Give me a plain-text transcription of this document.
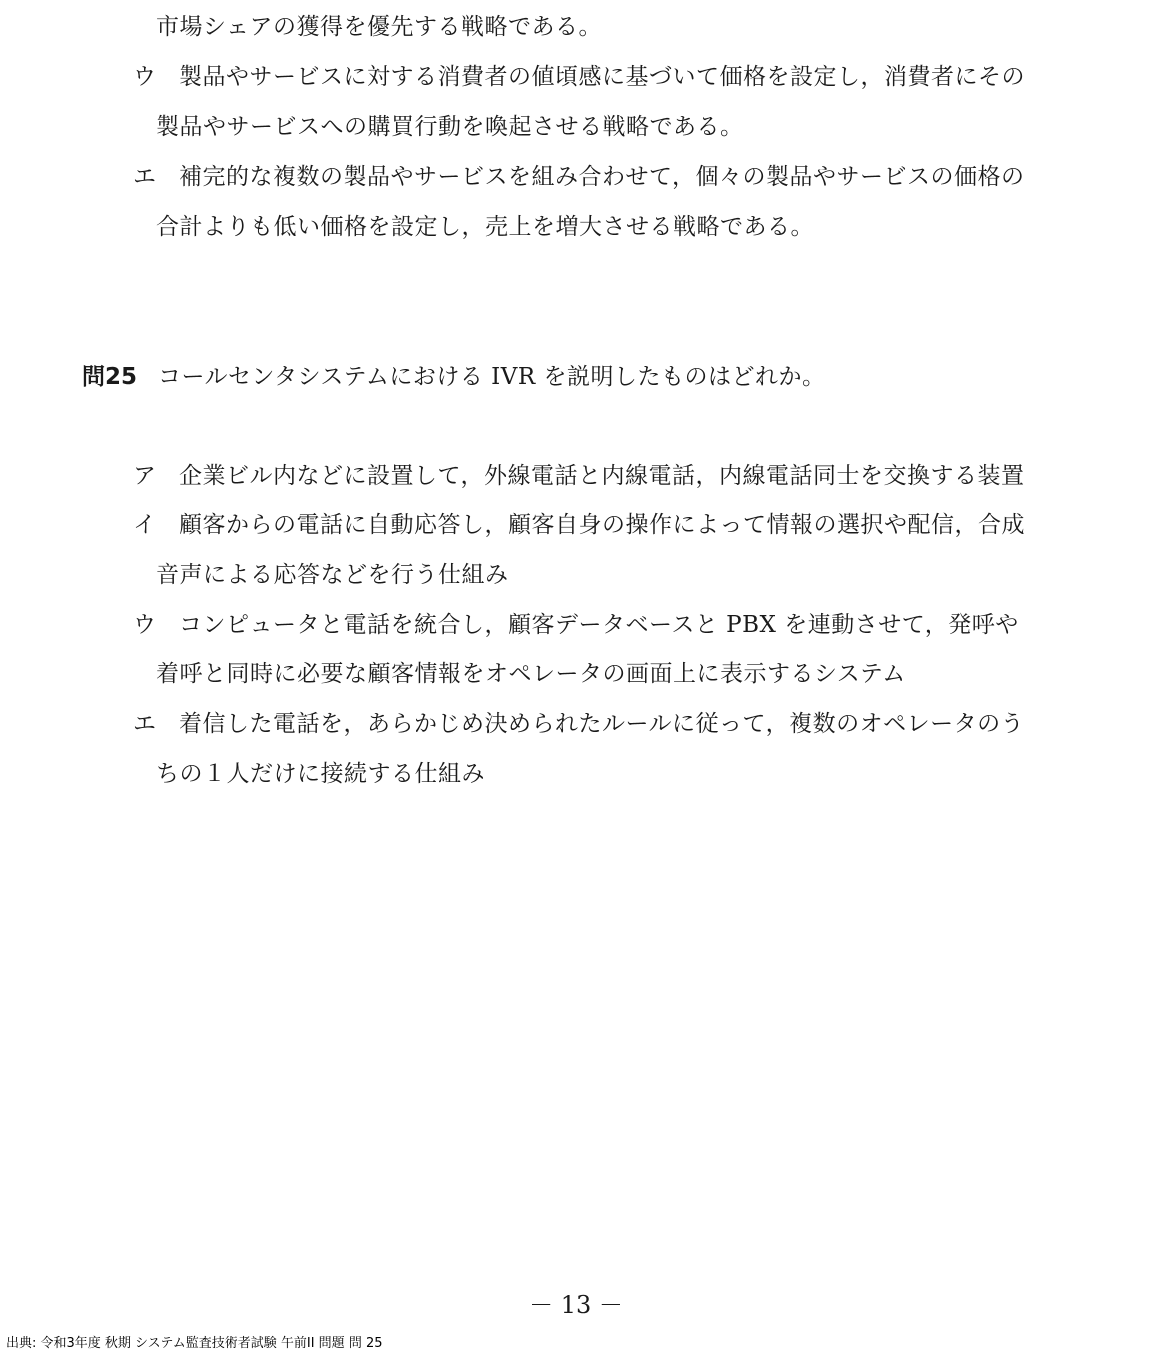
市場シェアの獲得を優先する戦略である。
ウ 製品やサービスに対する消費者の値頃感に基づいて価格を設定し，消費者にその
製品やサービスへの購買行動を喚起させる戦略である。
エ 補完的な複数の製品やサービスを組み合わせて，個々の製品やサービスの価格の
合計よりも低い価格を設定し，売上を増大させる戦略である。
問25 コールセンタシステムにおける IVR を説明したものはどれか。
ア 企業ビル内などに設置して，外線電話と内線電話，内線電話同士を交換する装置
イ 顧客からの電話に自動応答し，顧客自身の操作によって情報の選択や配信，合成
音声による応答などを行う仕組み
ウ コンピュータと電話を統合し，顧客データベースと PBX を連動させて，発呼や
着呼と同時に必要な顧客情報をオペレータの画面上に表示するシステム
エ 着信した電話を，あらかじめ決められたルールに従って，複数のオペレータのう
ちの１人だけに接続する仕組み
－ 13 －
出典: 令和3年度 秋期 システム監査技術者試験 午前II 問題 問 25
